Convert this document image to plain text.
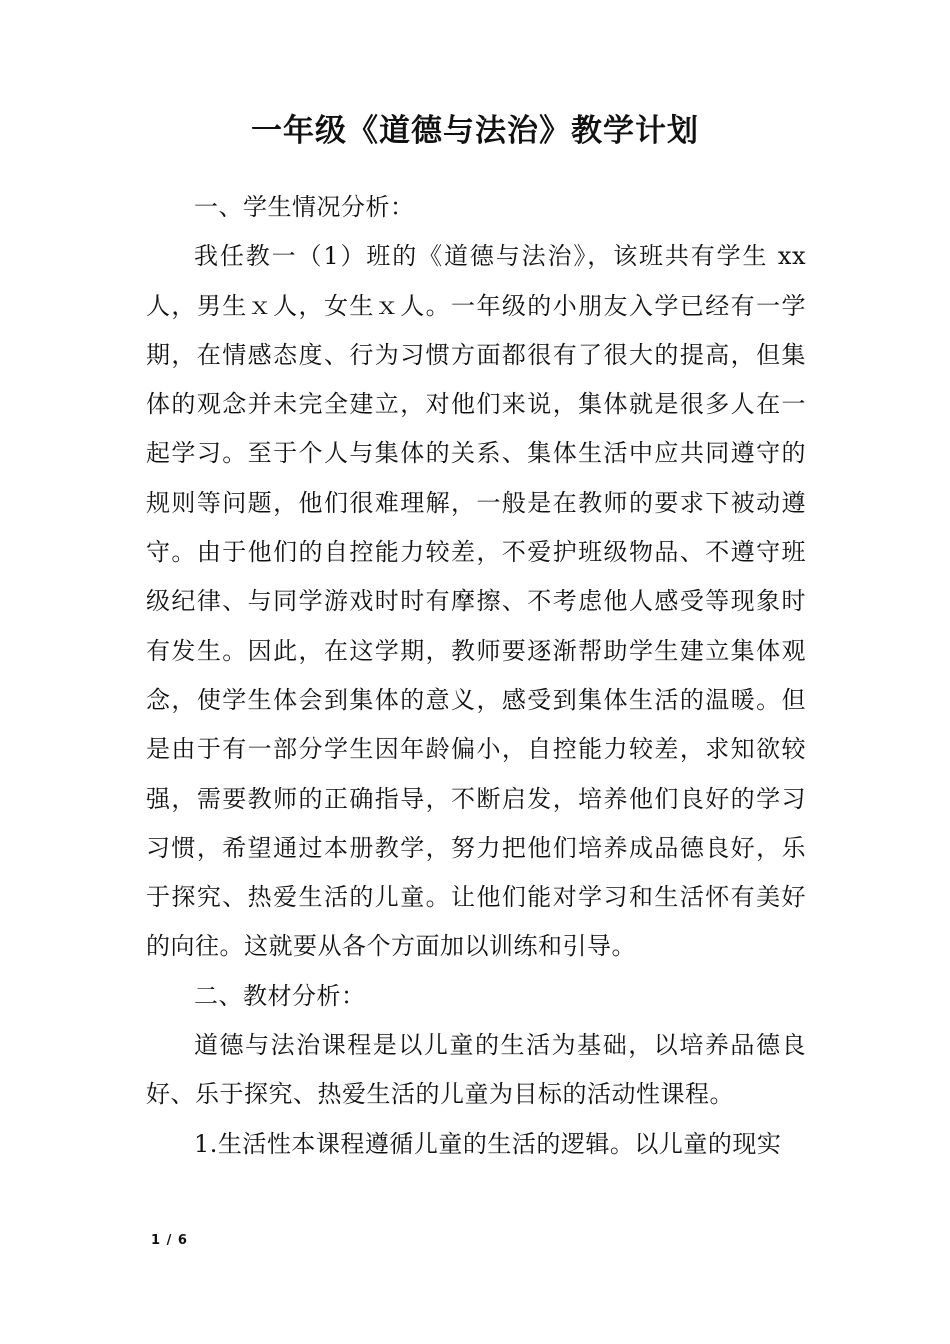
一年级《道德与法治》教学计划

一、学生情况分析：

我任教一（1）班的《道德与法治》，该班共有学生 xx人，男生ｘ人，女生ｘ人。一年级的小朋友入学已经有一学期，在情感态度、行为习惯方面都很有了很大的提高，但集体的观念并未完全建立，对他们来说，集体就是很多人在一起学习。至于个人与集体的关系、集体生活中应共同遵守的规则等问题，他们很难理解，一般是在教师的要求下被动遵守。由于他们的自控能力较差，不爱护班级物品、不遵守班级纪律、与同学游戏时时有摩擦、不考虑他人感受等现象时有发生。因此，在这学期，教师要逐渐帮助学生建立集体观念，使学生体会到集体的意义，感受到集体生活的温暖。但是由于有一部分学生因年龄偏小，自控能力较差，求知欲较强，需要教师的正确指导，不断启发，培养他们良好的学习习惯，希望通过本册教学，努力把他们培养成品德良好，乐于探究、热爱生活的儿童。让他们能对学习和生活怀有美好的向往。这就要从各个方面加以训练和引导。

二、教材分析：

道德与法治课程是以儿童的生活为基础，以培养品德良好、乐于探究、热爱生活的儿童为目标的活动性课程。

1.生活性本课程遵循儿童的生活的逻辑。以儿童的现实

1 / 6
